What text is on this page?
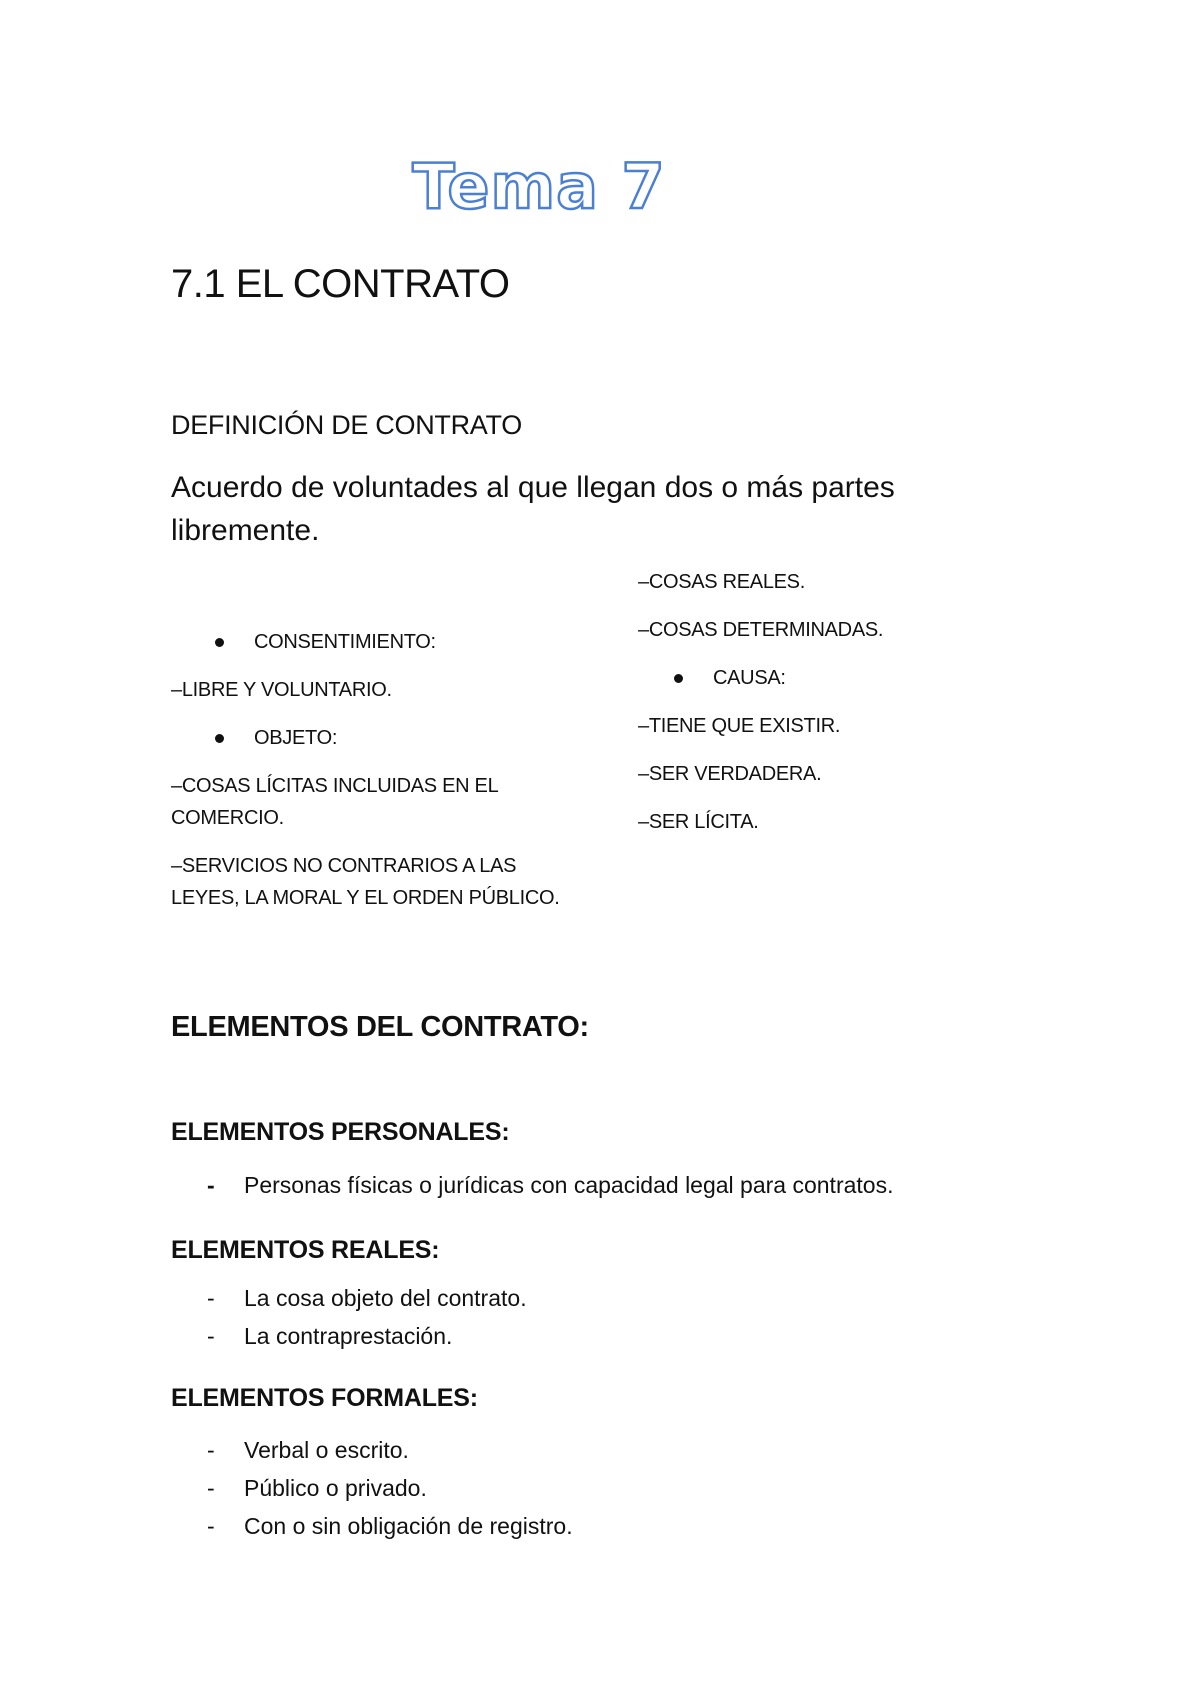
Tema 7
7.1 EL CONTRATO
DEFINICIÓN DE CONTRATO
Acuerdo de voluntades al que llegan dos o más partes libremente.
CONSENTIMIENTO:
–LIBRE Y VOLUNTARIO.
OBJETO:
–COSAS LÍCITAS INCLUIDAS EN EL
COMERCIO.
–SERVICIOS NO CONTRARIOS A LAS
LEYES, LA MORAL Y EL ORDEN PÚBLICO.
–COSAS REALES.
–COSAS DETERMINADAS.
CAUSA:
–TIENE QUE EXISTIR.
–SER VERDADERA.
–SER LÍCITA.
ELEMENTOS DEL CONTRATO:
ELEMENTOS PERSONALES:
-	Personas físicas o jurídicas con capacidad legal para contratos.
ELEMENTOS REALES:
-	La cosa objeto del contrato.
-	La contraprestación.
ELEMENTOS FORMALES:
-	Verbal o escrito.
-	Público o privado.
-	Con o sin obligación de registro.
